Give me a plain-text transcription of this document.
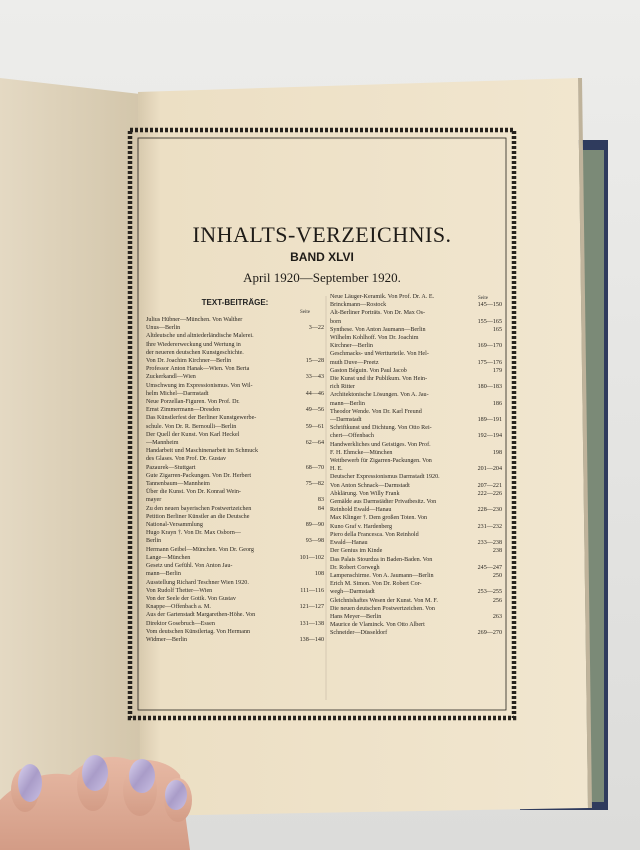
INHALTS-VERZEICHNIS.
BAND XLVI
April 1920—September 1920.
TEXT-BEITRÄGE:
Seite
Seite
Julius Hübner—München. Von Walther
Unus—Berlin	3—22
Altdeutsche und altniederländische Malerei.
Ihre Wiedererweckung und Wertung in
der neueren deutschen Kunstgeschichte.
Von Dr. Joachim Kirchner—Berlin	15—28
Professor Anton Hanak—Wien. Von Berta
Zuckerkandl—Wien	33—43
Umschwung im Expressionismus. Von Wil-
helm Michel—Darmstadt	44—46
Neue Porzellan-Figuren. Von Prof. Dr.
Ernst Zimmermann—Dresden	49—56
Das Künstlerfest der Berliner Kunstgewerbe-
schule. Von Dr. R. Bernoulli—Berlin	59—61
Der Quell der Kunst. Von Karl Heckel
—Mannheim	62—64
Handarbeit und Maschinenarbeit im Schmuck
des Glases. Von Prof. Dr. Gustav
Pazaurek—Stuttgart	68—70
Gute Zigarren-Packungen. Von Dr. Herbert
Tannenbaum—Mannheim	75—82
Über die Kunst. Von Dr. Konrad Wein-
mayer	83
Zu den neuen bayerischen Postwertzeichen	84
Petition Berliner Künstler an die Deutsche
National-Versammlung	89—90
Hugo Krayn †. Von Dr. Max Osborn—
Berlin	93—98
Hermann Geibel—München. Von Dr. Georg
Lange—München	101—102
Gesetz und Gefühl. Von Anton Jau-
mann—Berlin	108
Ausstellung Richard Teschner Wien 1920.
Von Rudolf Thetter—Wien	111—116
Von der Seele der Gotik. Von Gustav
Knappe—Offenbach a. M.	121—127
Aus der Gartenstadt Margarethen-Höhe. Von
Direktor Gosebruch—Essen	131—138
Vom deutschen Künstlertag. Von Hermann
Widmer—Berlin	138—140
Neue Läuger-Keramik. Von Prof. Dr. A. E.
Brinckmann—Rostock	145—150
Alt-Berliner Porträts. Von Dr. Max Os-
born	155—165
Synthese. Von Anton Jaumann—Berlin	165
Wilhelm Kohlhoff. Von Dr. Joachim
Kirchner—Berlin	169—170
Geschmacks- und Wertturteile. Von Hel-
muth Duve—Preetz	175—176
Gaston Béguin. Von Paul Jacob	179
Die Kunst und ihr Publikum. Von Hein-
rich Ritter	180—183
Architektonische Lösungen. Von A. Jau-
mann—Berlin	186
Theodor Wende. Von Dr. Karl Freund
—Darmstadt	189—191
Schriftkunst und Dichtung. Von Otto Rei-
chert—Offenbach	192—194
Handwerkliches und Geistiges. Von Prof.
F. H. Ehmcke—München	198
Wettbewerb für Zigarren-Packungen. Von
H. E.	201—204
Deutscher Expressionismus Darmstadt 1920.
Von Anton Schnack—Darmstadt	207—221
Abklärung. Von Willy Frank	222—226
Gemälde aus Darmstädter Privatbesitz. Von
Reinhold Ewald—Hanau	228—230
Max Klinger †. Dem großen Toten. Von
Kuno Graf v. Hardenberg	231—232
Piero della Francesca. Von Reinhold
Ewald—Hanau	233—238
Der Genius im Kinde	238
Das Palais Stourdza in Baden-Baden. Von
Dr. Robert Corwegh	245—247
Lampenschirme. Von A. Jaumann—Berlin	250
Erich M. Simon. Von Dr. Robert Cor-
wegh—Darmstadt	253—255
Gleichnishaftes Wesen der Kunst. Von M. F.	256
Die neuen deutschen Postwertzeichen. Von
Hans Meyer—Berlin	263
Maurice de Vlaminck. Von Otto Albert
Schneider—Düsseldorf	269—270
